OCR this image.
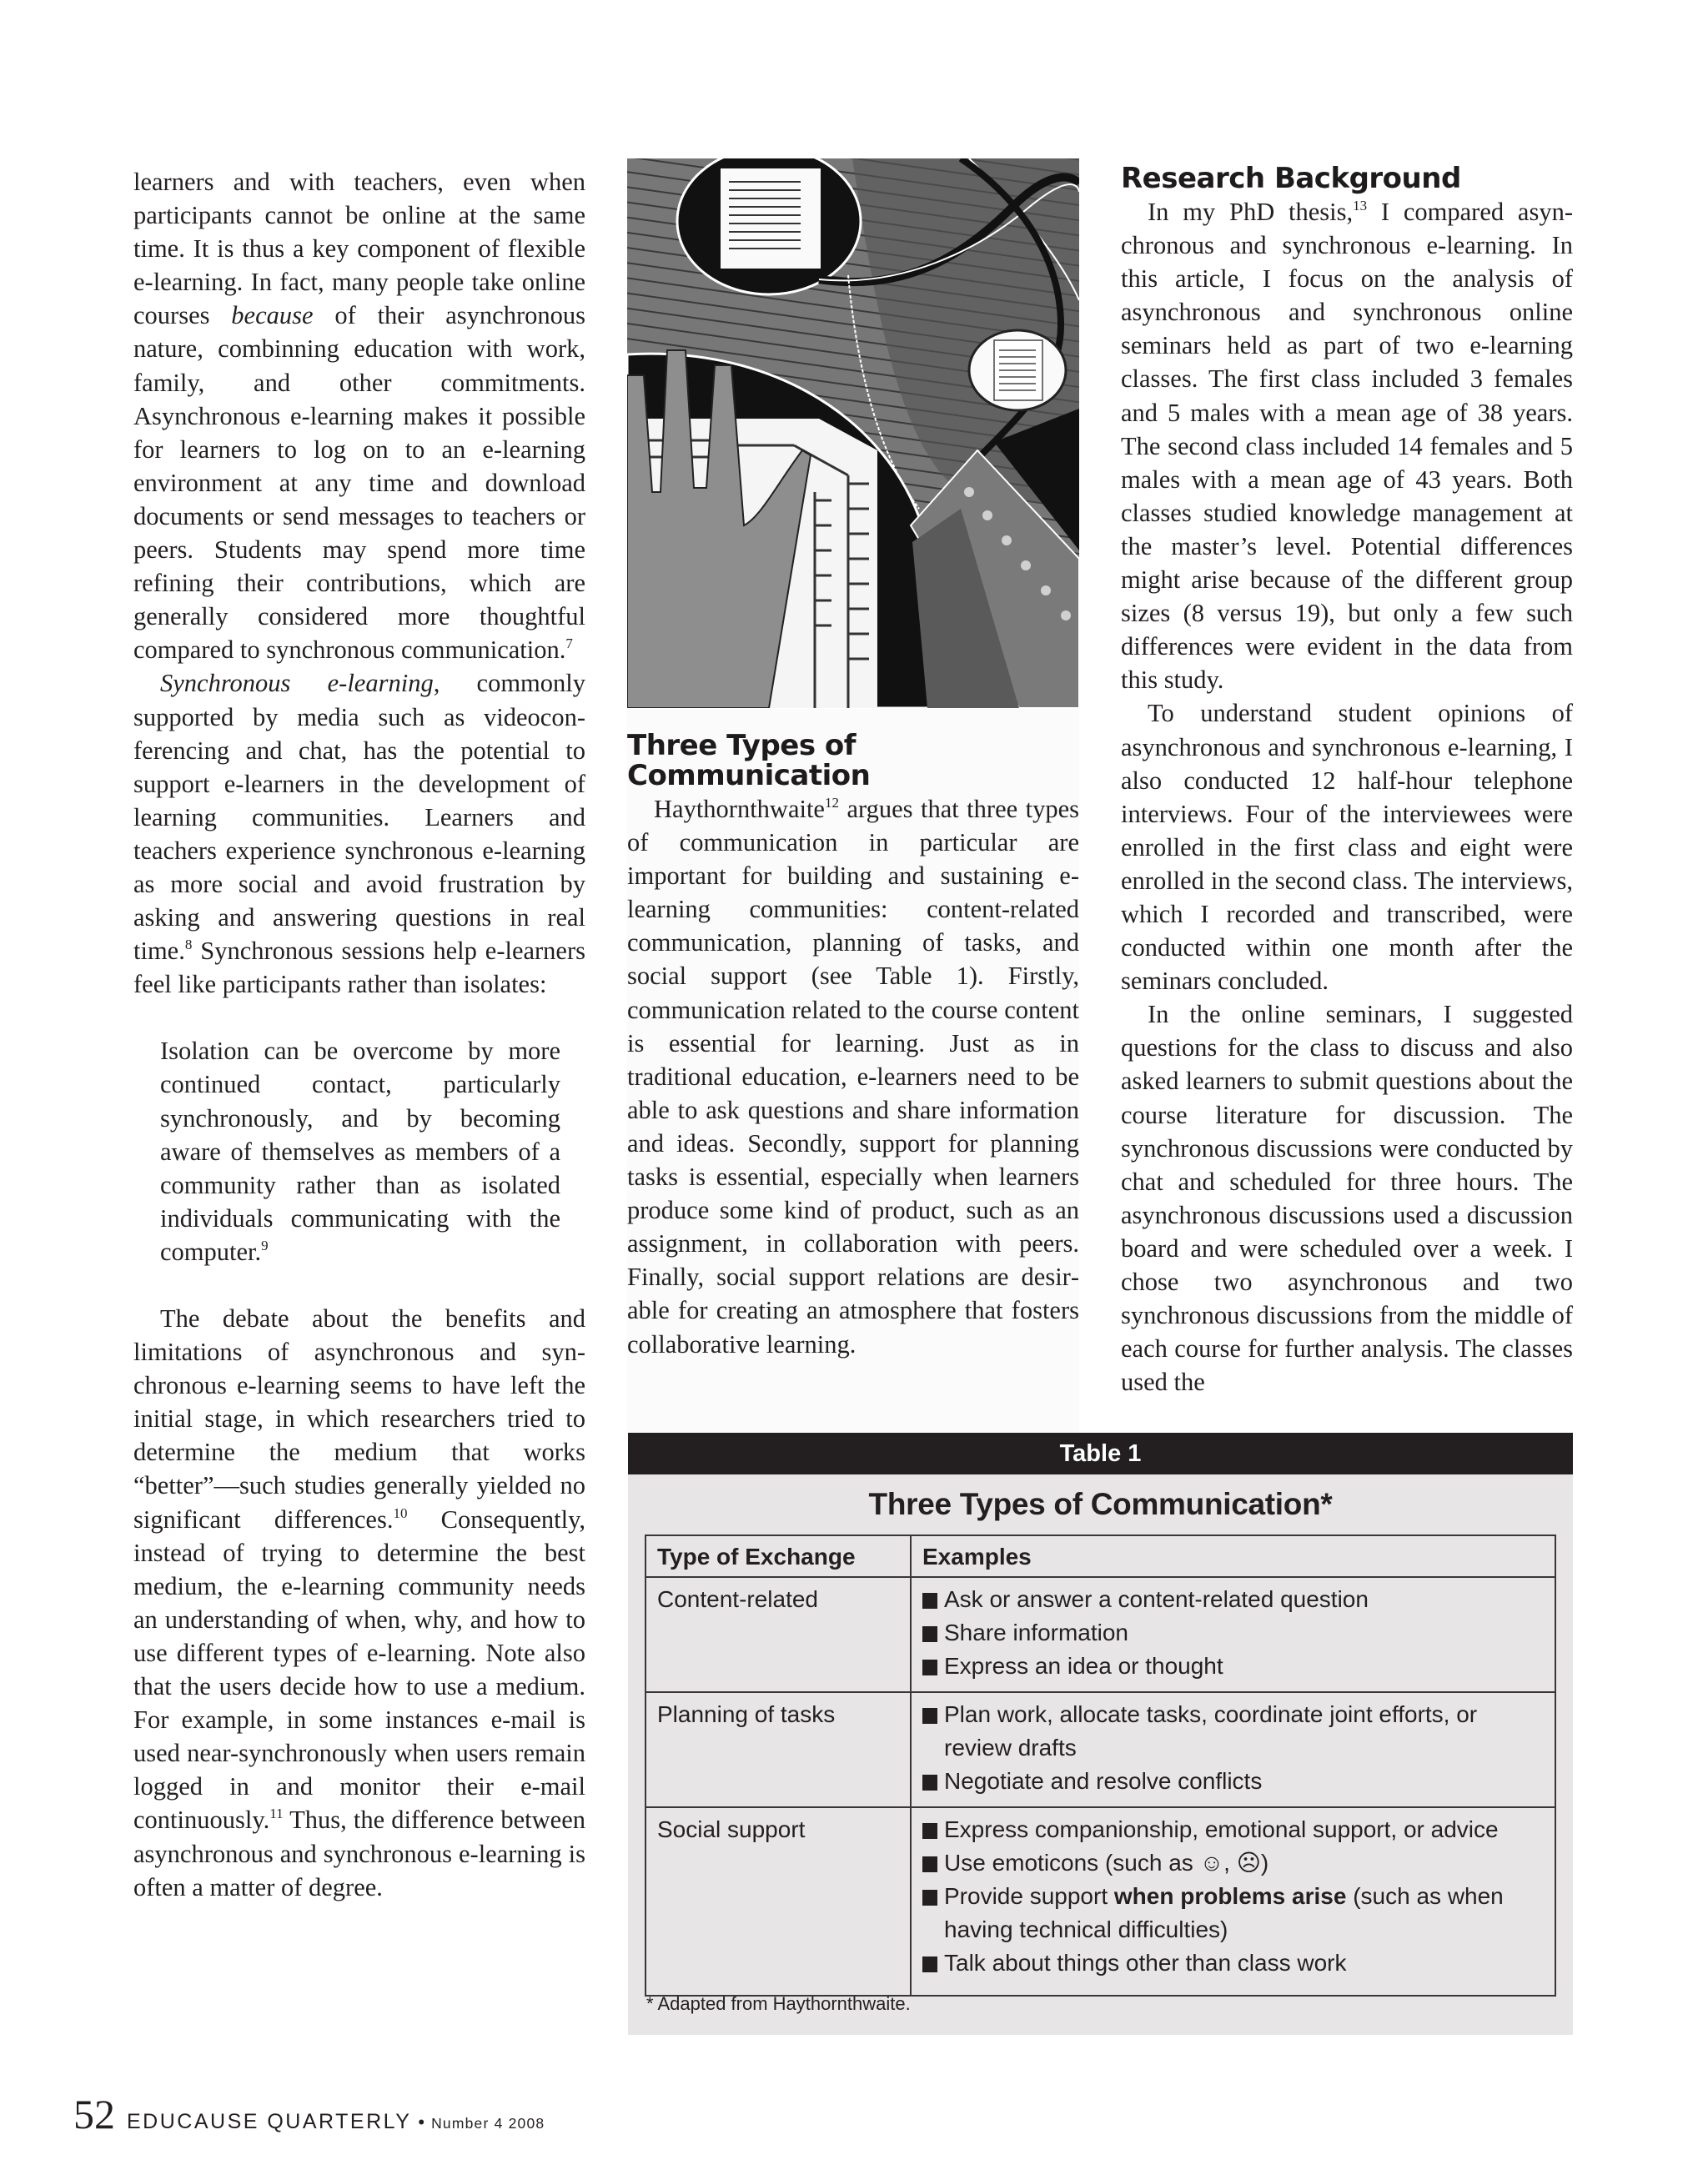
learners and with teachers, even when participants cannot be online at the same time. It is thus a key component of flexible e-learning. In fact, many people take online courses because of their asynchronous nature, combinning education with work, family, and other commitments. Asynchronous e-learning makes it possible for learners to log on to an e-learning environment at any time and download documents or send messages to teachers or peers. Students may spend more time refining their contributions, which are generally considered more thoughtful compared to synchronous communication.$^7$

Synchronous e-learning, commonly supported by media such as videoconferencing and chat, has the potential to support e-learners in the development of learning communities. Learners and teachers experience synchronous e-learning as more social and avoid frustration by asking and answering questions in real time.$^8$ Synchronous sessions help e-learners feel like participants rather than isolates:

Isolation can be overcome by more continued contact, particularly synchronously, and by becoming aware of themselves as members of a community rather than as isolated individuals communicating with the computer.$^9$

The debate about the benefits and limitations of asynchronous and synchronous e-learning seems to have left the initial stage, in which researchers tried to determine the medium that works “better”—such studies generally yielded no significant differences.$^{10}$ Consequently, instead of trying to determine the best medium, the e-learning community needs an understanding of when, why, and how to use different types of e-learning. Note also that the users decide how to use a medium. For example, in some instances e-mail is used near-synchronously when users remain logged in and monitor their e-mail continuously.$^{11}$ Thus, the difference between asynchronous and synchronous e-learning is often a matter of degree.

Three Types of Communication

Haythornthwaite$^{12}$ argues that three types of communication in particular are important for building and sustaining e-learning communities: content-related communication, planning of tasks, and social support (see Table 1). Firstly, communication related to the course content is essential for learning. Just as in traditional education, e-learners need to be able to ask questions and share information and ideas. Secondly, support for planning tasks is essential, especially when learners produce some kind of product, such as an assignment, in collaboration with peers. Finally, social support relations are desirable for creating an atmosphere that fosters collaborative learning.

Research Background

In my PhD thesis,$^{13}$ I compared asynchronous and synchronous e-learning. In this article, I focus on the analysis of asynchronous and synchronous online seminars held as part of two e-learning classes. The first class included 3 females and 5 males with a mean age of 38 years. The second class included 14 females and 5 males with a mean age of 43 years. Both classes studied knowledge management at the master’s level. Potential differences might arise because of the different group sizes (8 versus 19), but only a few such differences were evident in the data from this study.

To understand student opinions of asynchronous and synchronous e-learning, I also conducted 12 half-hour telephone interviews. Four of the interviewees were enrolled in the first class and eight were enrolled in the second class. The interviews, which I recorded and transcribed, were conducted within one month after the seminars concluded.

In the online seminars, I suggested questions for the class to discuss and also asked learners to submit questions about the course literature for discussion. The synchronous discussions were conducted by chat and scheduled for three hours. The asynchronous discussions used a discussion board and were scheduled over a week. I chose two asynchronous and two synchronous discussions from the middle of each course for further analysis. The classes used the

Table 1
Three Types of Communication*
Type of Exchange	Examples
Content-related	Ask or answer a content-related question
Share information
Express an idea or thought

Planning of tasks	Plan work, allocate tasks, coordinate joint efforts, or review drafts
Negotiate and resolve conflicts

Social support	Express companionship, emotional support, or advice
Use emoticons (such as ☺, ☹)
Provide support when problems arise (such as when having technical difficulties)
Talk about things other than class work
* Adapted from Haythornthwaite.
52 EDUCAUSE QUARTERLY • Number 4 2008
